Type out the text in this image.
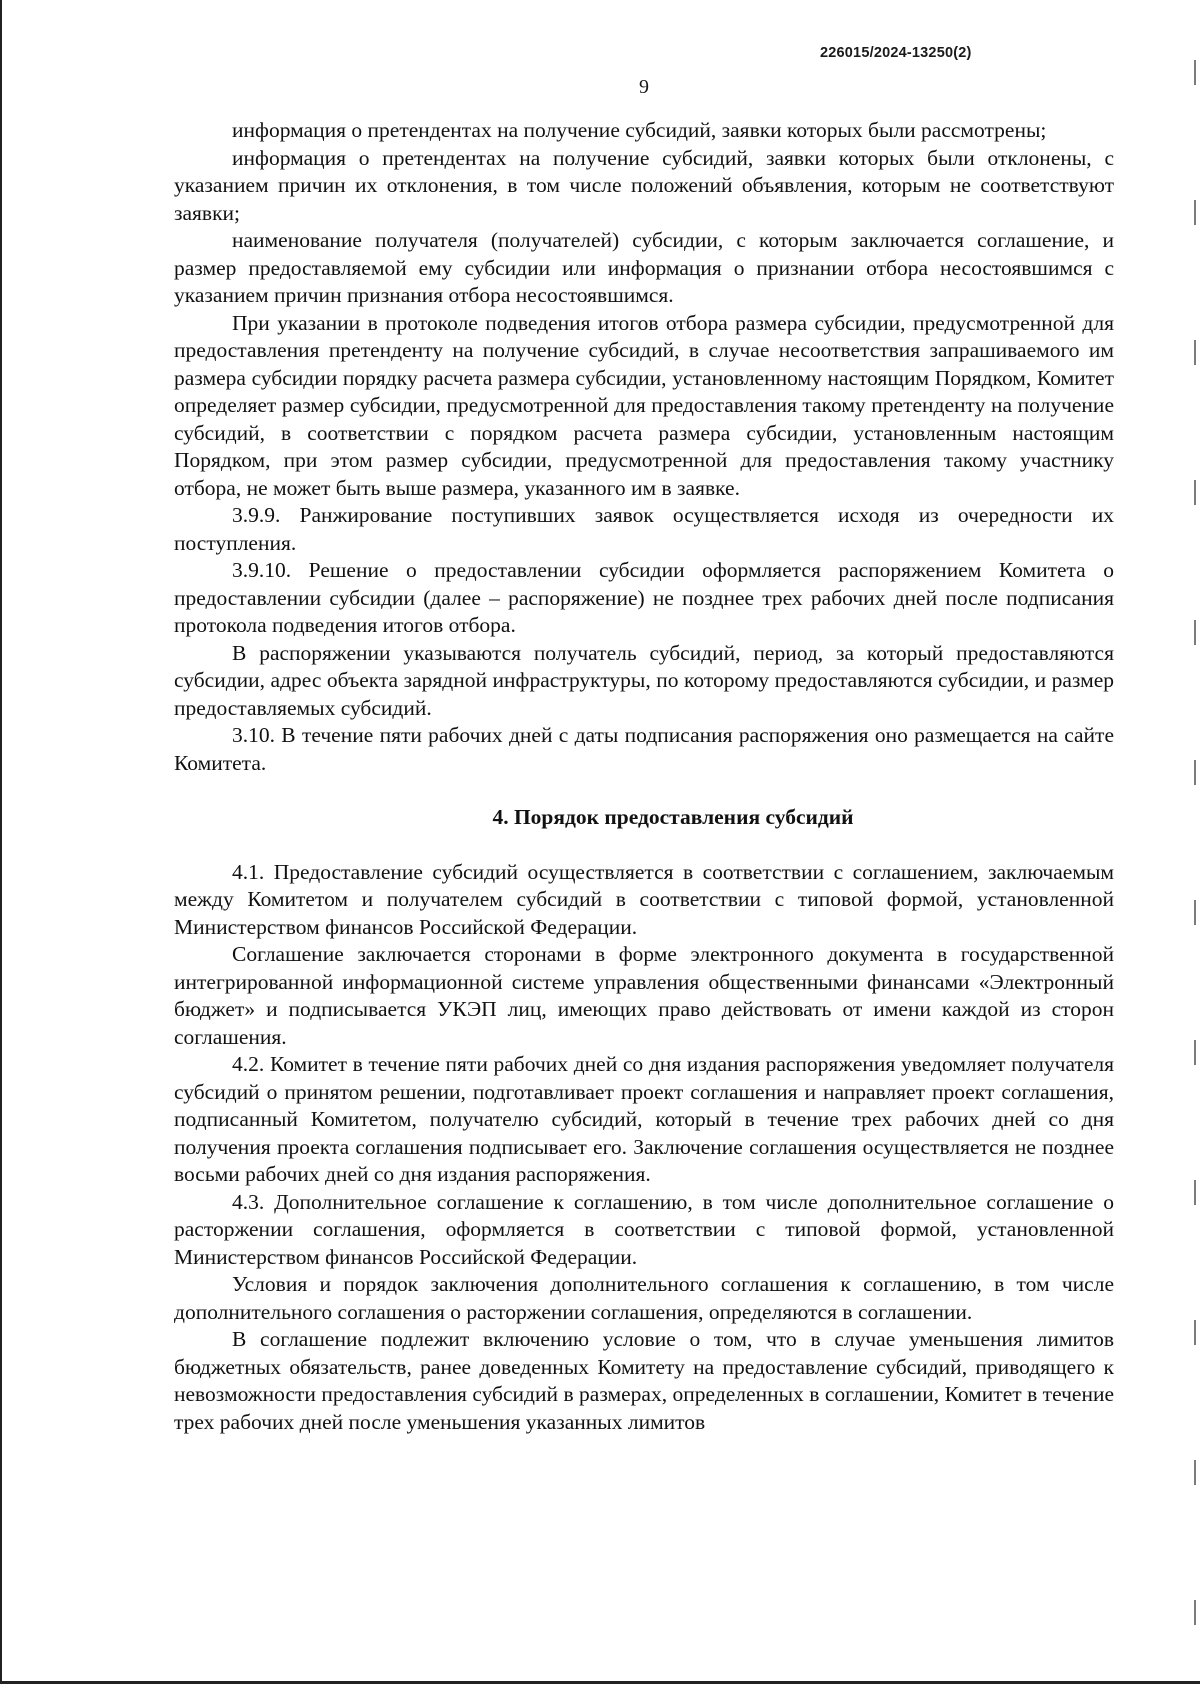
226015/2024-13250(2)
9

информация о претендентах на получение субсидий, заявки которых были рассмотрены;

информация о претендентах на получение субсидий, заявки которых были отклонены, с указанием причин их отклонения, в том числе положений объявления, которым не соответствуют заявки;

наименование получателя (получателей) субсидии, с которым заключается соглашение, и размер предоставляемой ему субсидии или информация о признании отбора несостоявшимся с указанием причин признания отбора несостоявшимся.

При указании в протоколе подведения итогов отбора размера субсидии, предусмотренной для предоставления претенденту на получение субсидий, в случае несоответствия запрашиваемого им размера субсидии порядку расчета размера субсидии, установленному настоящим Порядком, Комитет определяет размер субсидии, предусмотренной для предоставления такому претенденту на получение субсидий, в соответствии с порядком расчета размера субсидии, установленным настоящим Порядком, при этом размер субсидии, предусмотренной для предоставления такому участнику отбора, не может быть выше размера, указанного им в заявке.

3.9.9. Ранжирование поступивших заявок осуществляется исходя из очередности их поступления.

3.9.10. Решение о предоставлении субсидии оформляется распоряжением Комитета о предоставлении субсидии (далее – распоряжение) не позднее трех рабочих дней после подписания протокола подведения итогов отбора.

В распоряжении указываются получатель субсидий, период, за который предоставляются субсидии, адрес объекта зарядной инфраструктуры, по которому предоставляются субсидии, и размер предоставляемых субсидий.

3.10. В течение пяти рабочих дней с даты подписания распоряжения оно размещается на сайте Комитета.

4. Порядок предоставления субсидий

4.1. Предоставление субсидий осуществляется в соответствии с соглашением, заключаемым между Комитетом и получателем субсидий в соответствии с типовой формой, установленной Министерством финансов Российской Федерации.

Соглашение заключается сторонами в форме электронного документа в государственной интегрированной информационной системе управления общественными финансами «Электронный бюджет» и подписывается УКЭП лиц, имеющих право действовать от имени каждой из сторон соглашения.

4.2. Комитет в течение пяти рабочих дней со дня издания распоряжения уведомляет получателя субсидий о принятом решении, подготавливает проект соглашения и направляет проект соглашения, подписанный Комитетом, получателю субсидий, который в течение трех рабочих дней со дня получения проекта соглашения подписывает его. Заключение соглашения осуществляется не позднее восьми рабочих дней со дня издания распоряжения.

4.3. Дополнительное соглашение к соглашению, в том числе дополнительное соглашение о расторжении соглашения, оформляется в соответствии с типовой формой, установленной Министерством финансов Российской Федерации.

Условия и порядок заключения дополнительного соглашения к соглашению, в том числе дополнительного соглашения о расторжении соглашения, определяются в соглашении.

В соглашение подлежит включению условие о том, что в случае уменьшения лимитов бюджетных обязательств, ранее доведенных Комитету на предоставление субсидий, приводящего к невозможности предоставления субсидий в размерах, определенных в соглашении, Комитет в течение трех рабочих дней после уменьшения указанных лимитов
